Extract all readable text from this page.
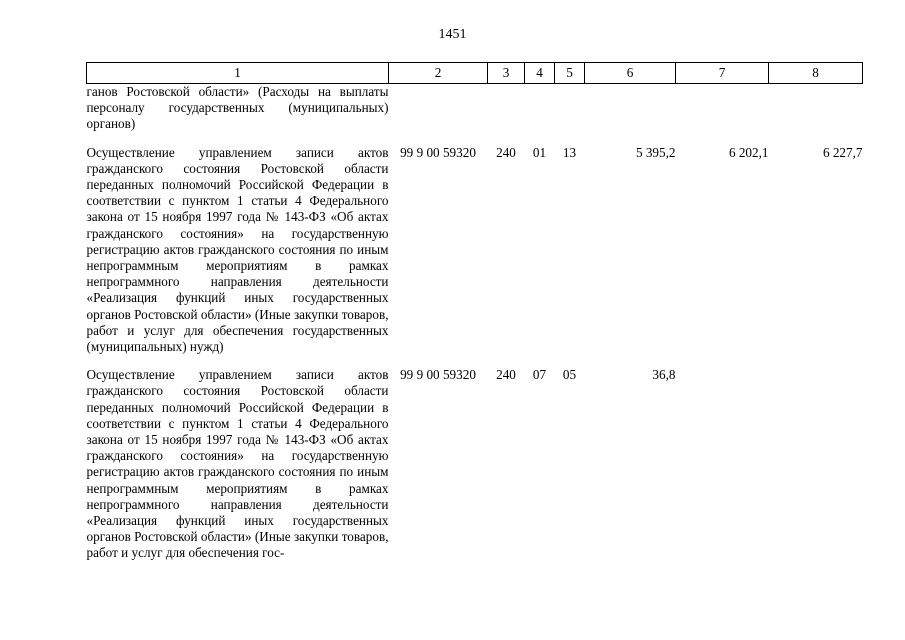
1451
1	2	3	4	5	6	7	8
ганов Ростовской области» (Расходы на выплаты персоналу государственных (муниципальных) органов)							
Осуществление управлением записи актов гражданского состояния Ростовской области переданных полномочий Российской Федерации в соответствии с пунктом 1 статьи 4 Федерального закона от 15 ноября 1997 года № 143-ФЗ «Об актах гражданского состояния» на государственную регистрацию актов гражданского состояния по иным непрограммным мероприятиям в рамках непрограммного направления деятельности «Реализация функций иных государственных органов Ростовской области» (Иные закупки товаров, работ и услуг для обеспечения государственных (муниципальных) нужд)	99 9 00 59320	240	01	13	5 395,2	6 202,1	6 227,7
Осуществление управлением записи актов гражданского состояния Ростовской области переданных полномочий Российской Федерации в соответствии с пунктом 1 статьи 4 Федерального закона от 15 ноября 1997 года № 143-ФЗ «Об актах гражданского состояния» на государственную регистрацию актов гражданского состояния по иным непрограммным мероприятиям в рамках непрограммного направления деятельности «Реализация функций иных государственных органов Ростовской области» (Иные закупки товаров, работ и услуг для обеспечения гос-	99 9 00 59320	240	07	05	36,8		
